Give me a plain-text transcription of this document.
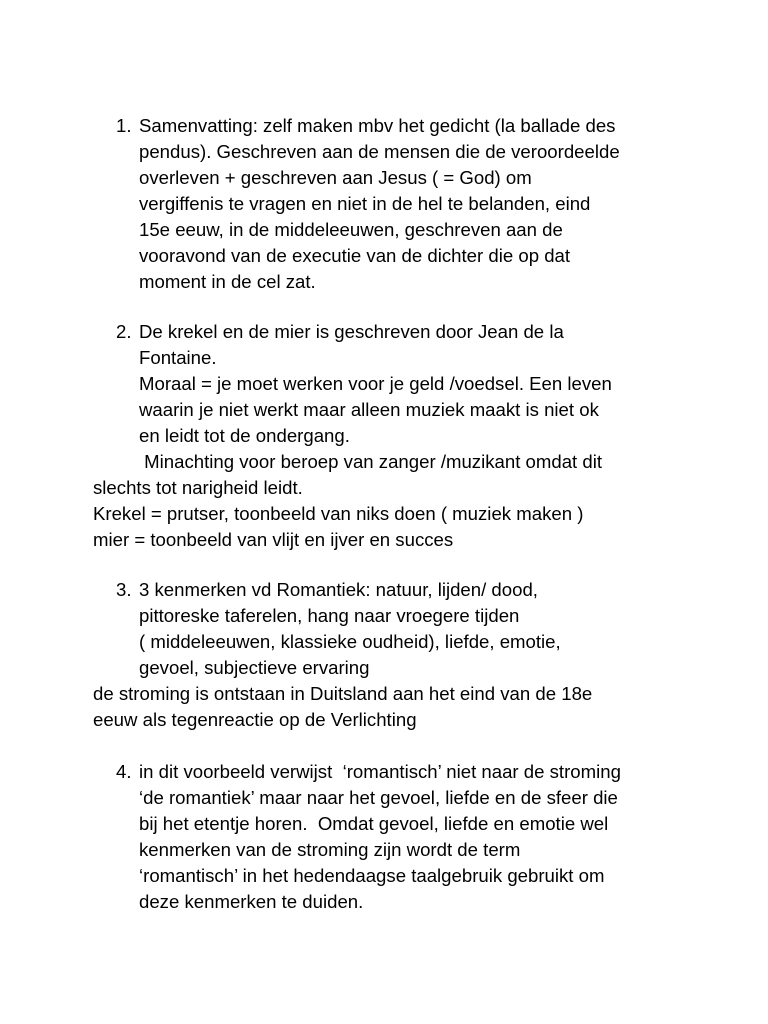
1. Samenvatting: zelf maken mbv het gedicht (la ballade des

pendus). Geschreven aan de mensen die de veroordeelde

overleven + geschreven aan Jesus ( = God) om

vergiffenis te vragen en niet in de hel te belanden, eind

15e eeuw, in de middeleeuwen, geschreven aan de

vooravond van de executie van de dichter die op dat

moment in de cel zat.

2. De krekel en de mier is geschreven door Jean de la

Fontaine.

Moraal = je moet werken voor je geld /voedsel. Een leven

waarin je niet werkt maar alleen muziek maakt is niet ok

en leidt tot de ondergang.

Minachting voor beroep van zanger /muzikant omdat dit

slechts tot narigheid leidt.

Krekel = prutser, toonbeeld van niks doen ( muziek maken )

mier = toonbeeld van vlijt en ijver en succes

3. 3 kenmerken vd Romantiek: natuur, lijden/ dood,

pittoreske taferelen, hang naar vroegere tijden

( middeleeuwen, klassieke oudheid), liefde, emotie,

gevoel, subjectieve ervaring

de stroming is ontstaan in Duitsland aan het eind van de 18e

eeuw als tegenreactie op de Verlichting

4. in dit voorbeeld verwijst  ‘romantisch’ niet naar de stroming

‘de romantiek’ maar naar het gevoel, liefde en de sfeer die

bij het etentje horen.  Omdat gevoel, liefde en emotie wel

kenmerken van de stroming zijn wordt de term

‘romantisch’ in het hedendaagse taalgebruik gebruikt om

deze kenmerken te duiden.
